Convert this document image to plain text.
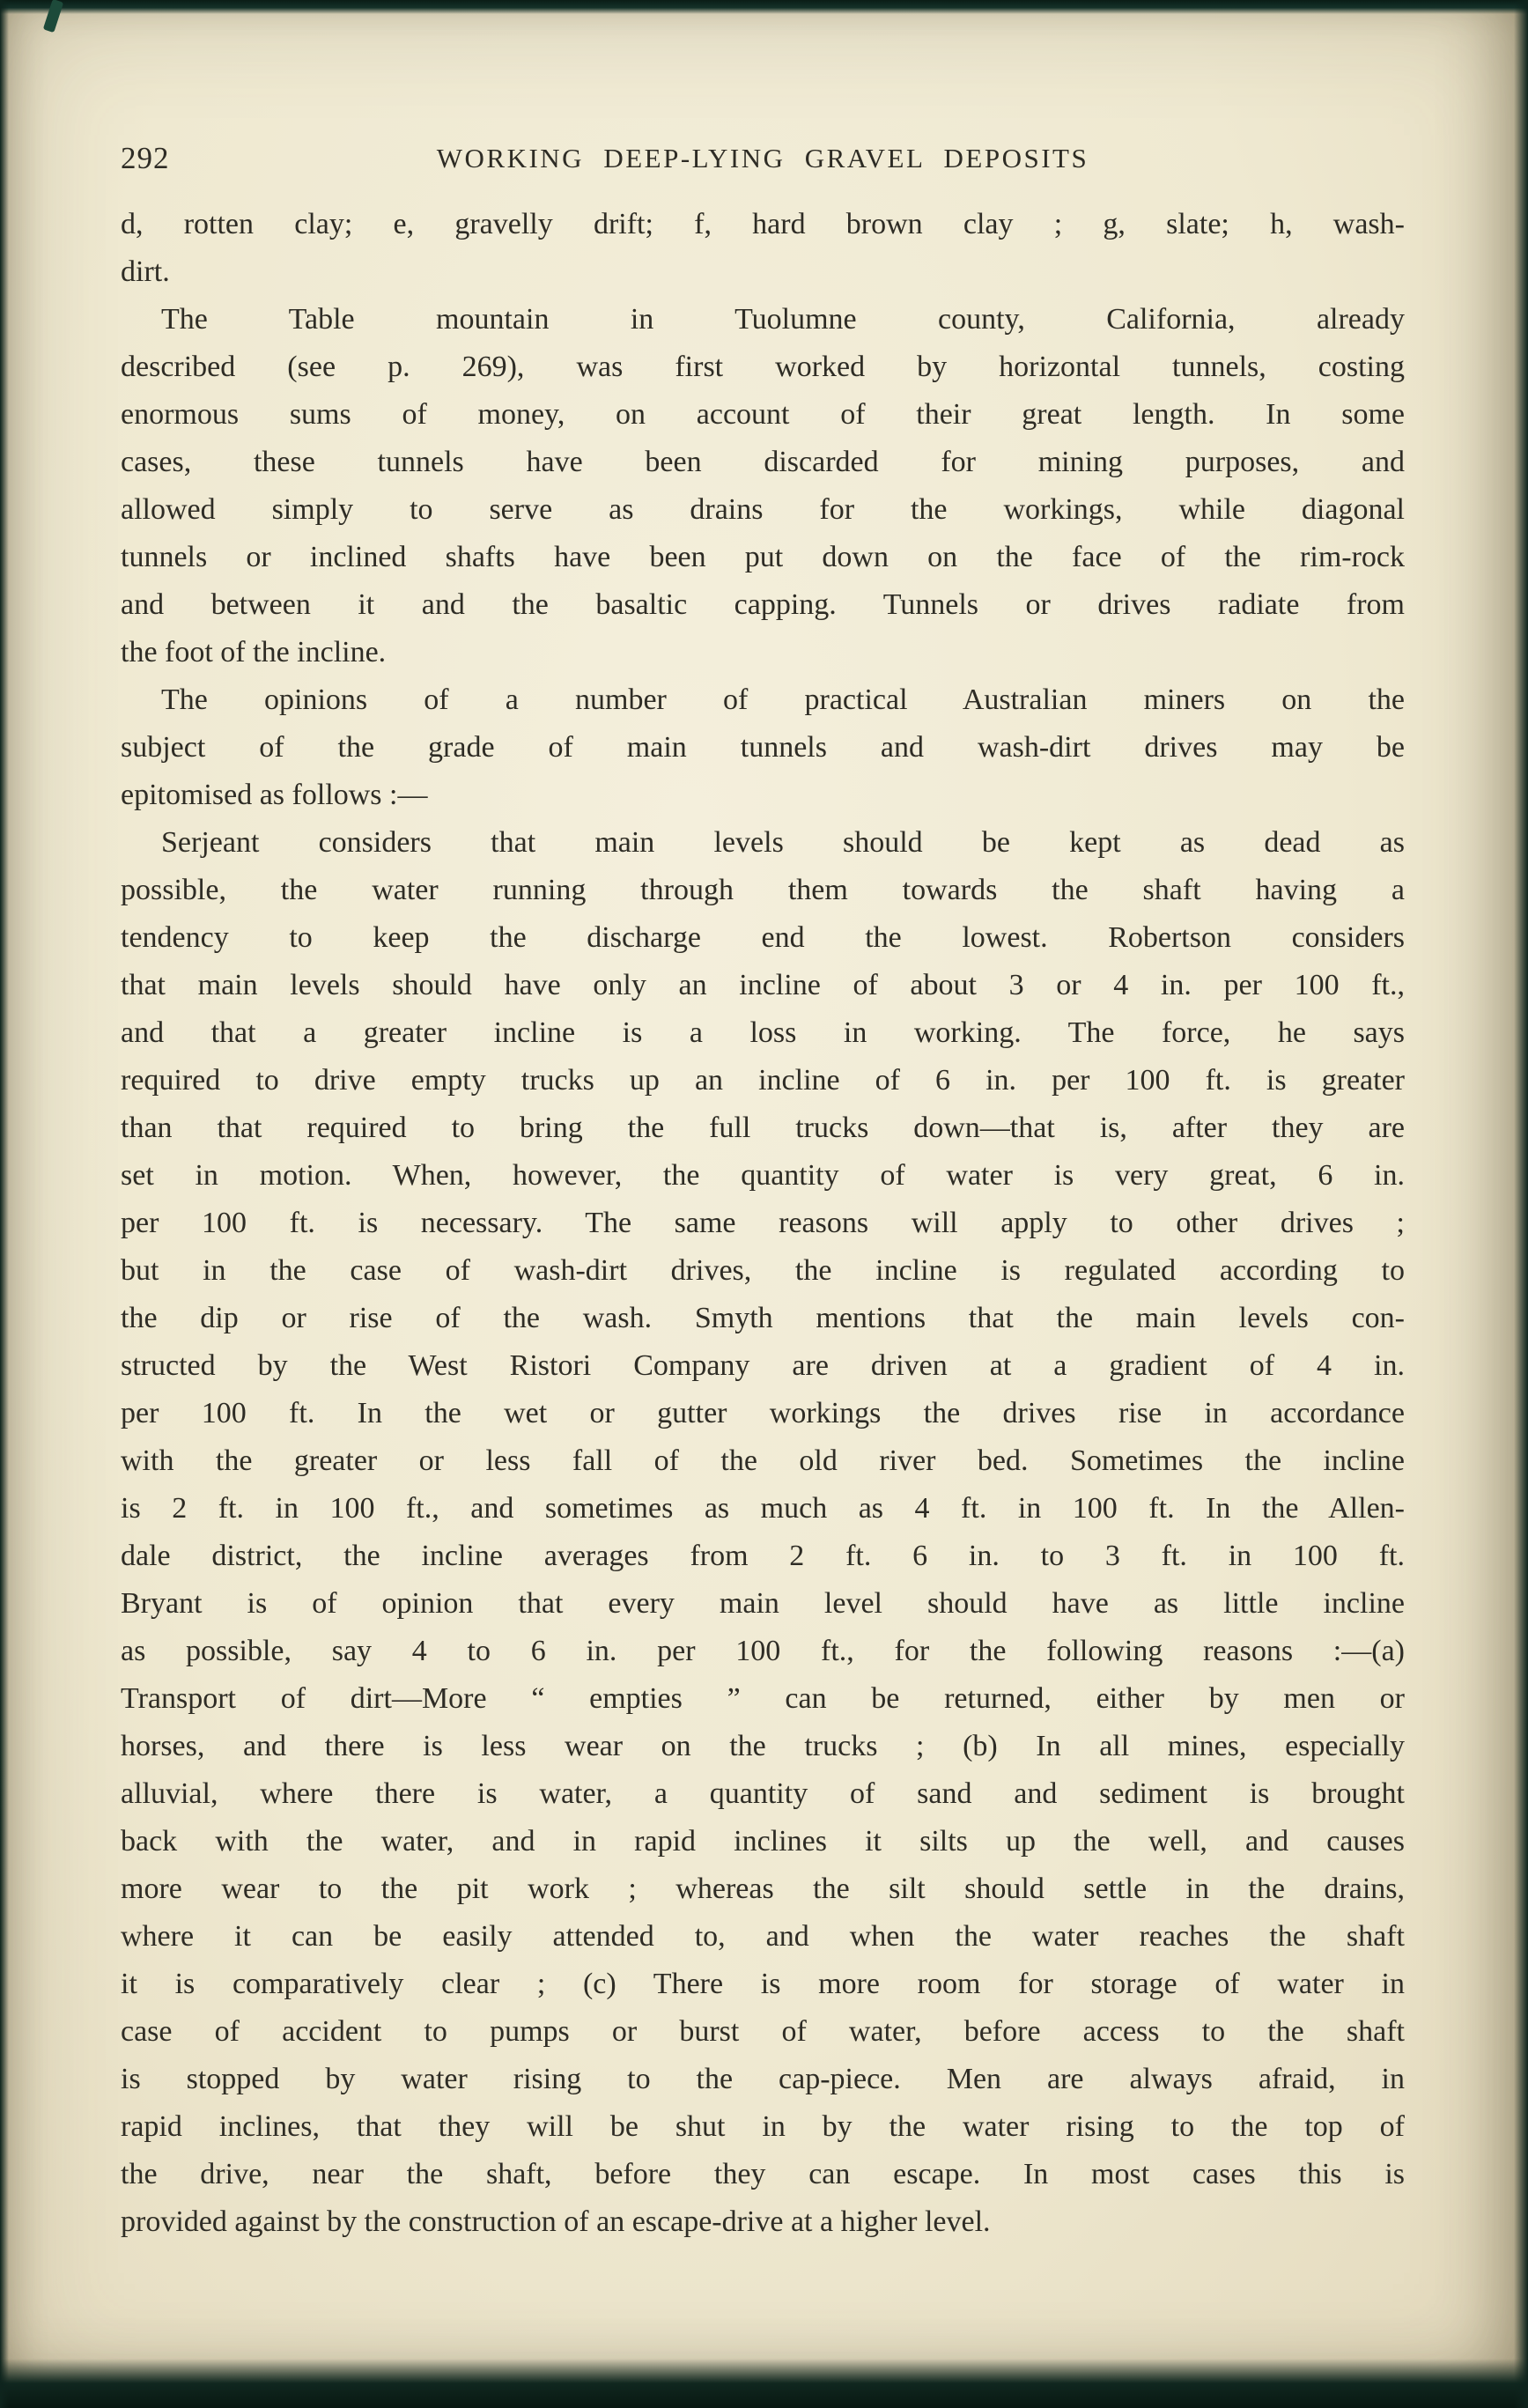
292	WORKING DEEP-LYING GRAVEL DEPOSITS
d, rotten clay; e, gravelly drift; f, hard brown clay ; g, slate; h, wash-
dirt.
The Table mountain in Tuolumne county, California, already
described (see p. 269), was first worked by horizontal tunnels, costing
enormous sums of money, on account of their great length. In some
cases, these tunnels have been discarded for mining purposes, and
allowed simply to serve as drains for the workings, while diagonal
tunnels or inclined shafts have been put down on the face of the rim-rock
and between it and the basaltic capping. Tunnels or drives radiate from
the foot of the incline.
The opinions of a number of practical Australian miners on the
subject of the grade of main tunnels and wash-dirt drives may be
epitomised as follows :—
Serjeant considers that main levels should be kept as dead as
possible, the water running through them towards the shaft having a
tendency to keep the discharge end the lowest. Robertson considers
that main levels should have only an incline of about 3 or 4 in. per 100 ft.,
and that a greater incline is a loss in working. The force, he says
required to drive empty trucks up an incline of 6 in. per 100 ft. is greater
than that required to bring the full trucks down—that is, after they are
set in motion. When, however, the quantity of water is very great, 6 in.
per 100 ft. is necessary. The same reasons will apply to other drives ;
but in the case of wash-dirt drives, the incline is regulated according to
the dip or rise of the wash. Smyth mentions that the main levels con-
structed by the West Ristori Company are driven at a gradient of 4 in.
per 100 ft. In the wet or gutter workings the drives rise in accordance
with the greater or less fall of the old river bed. Sometimes the incline
is 2 ft. in 100 ft., and sometimes as much as 4 ft. in 100 ft. In the Allen-
dale district, the incline averages from 2 ft. 6 in. to 3 ft. in 100 ft.
Bryant is of opinion that every main level should have as little incline
as possible, say 4 to 6 in. per 100 ft., for the following reasons :—(a)
Transport of dirt—More “ empties ” can be returned, either by men or
horses, and there is less wear on the trucks ; (b) In all mines, especially
alluvial, where there is water, a quantity of sand and sediment is brought
back with the water, and in rapid inclines it silts up the well, and causes
more wear to the pit work ; whereas the silt should settle in the drains,
where it can be easily attended to, and when the water reaches the shaft
it is comparatively clear ; (c) There is more room for storage of water in
case of accident to pumps or burst of water, before access to the shaft
is stopped by water rising to the cap-piece. Men are always afraid, in
rapid inclines, that they will be shut in by the water rising to the top of
the drive, near the shaft, before they can escape. In most cases this is
provided against by the construction of an escape-drive at a higher level.
